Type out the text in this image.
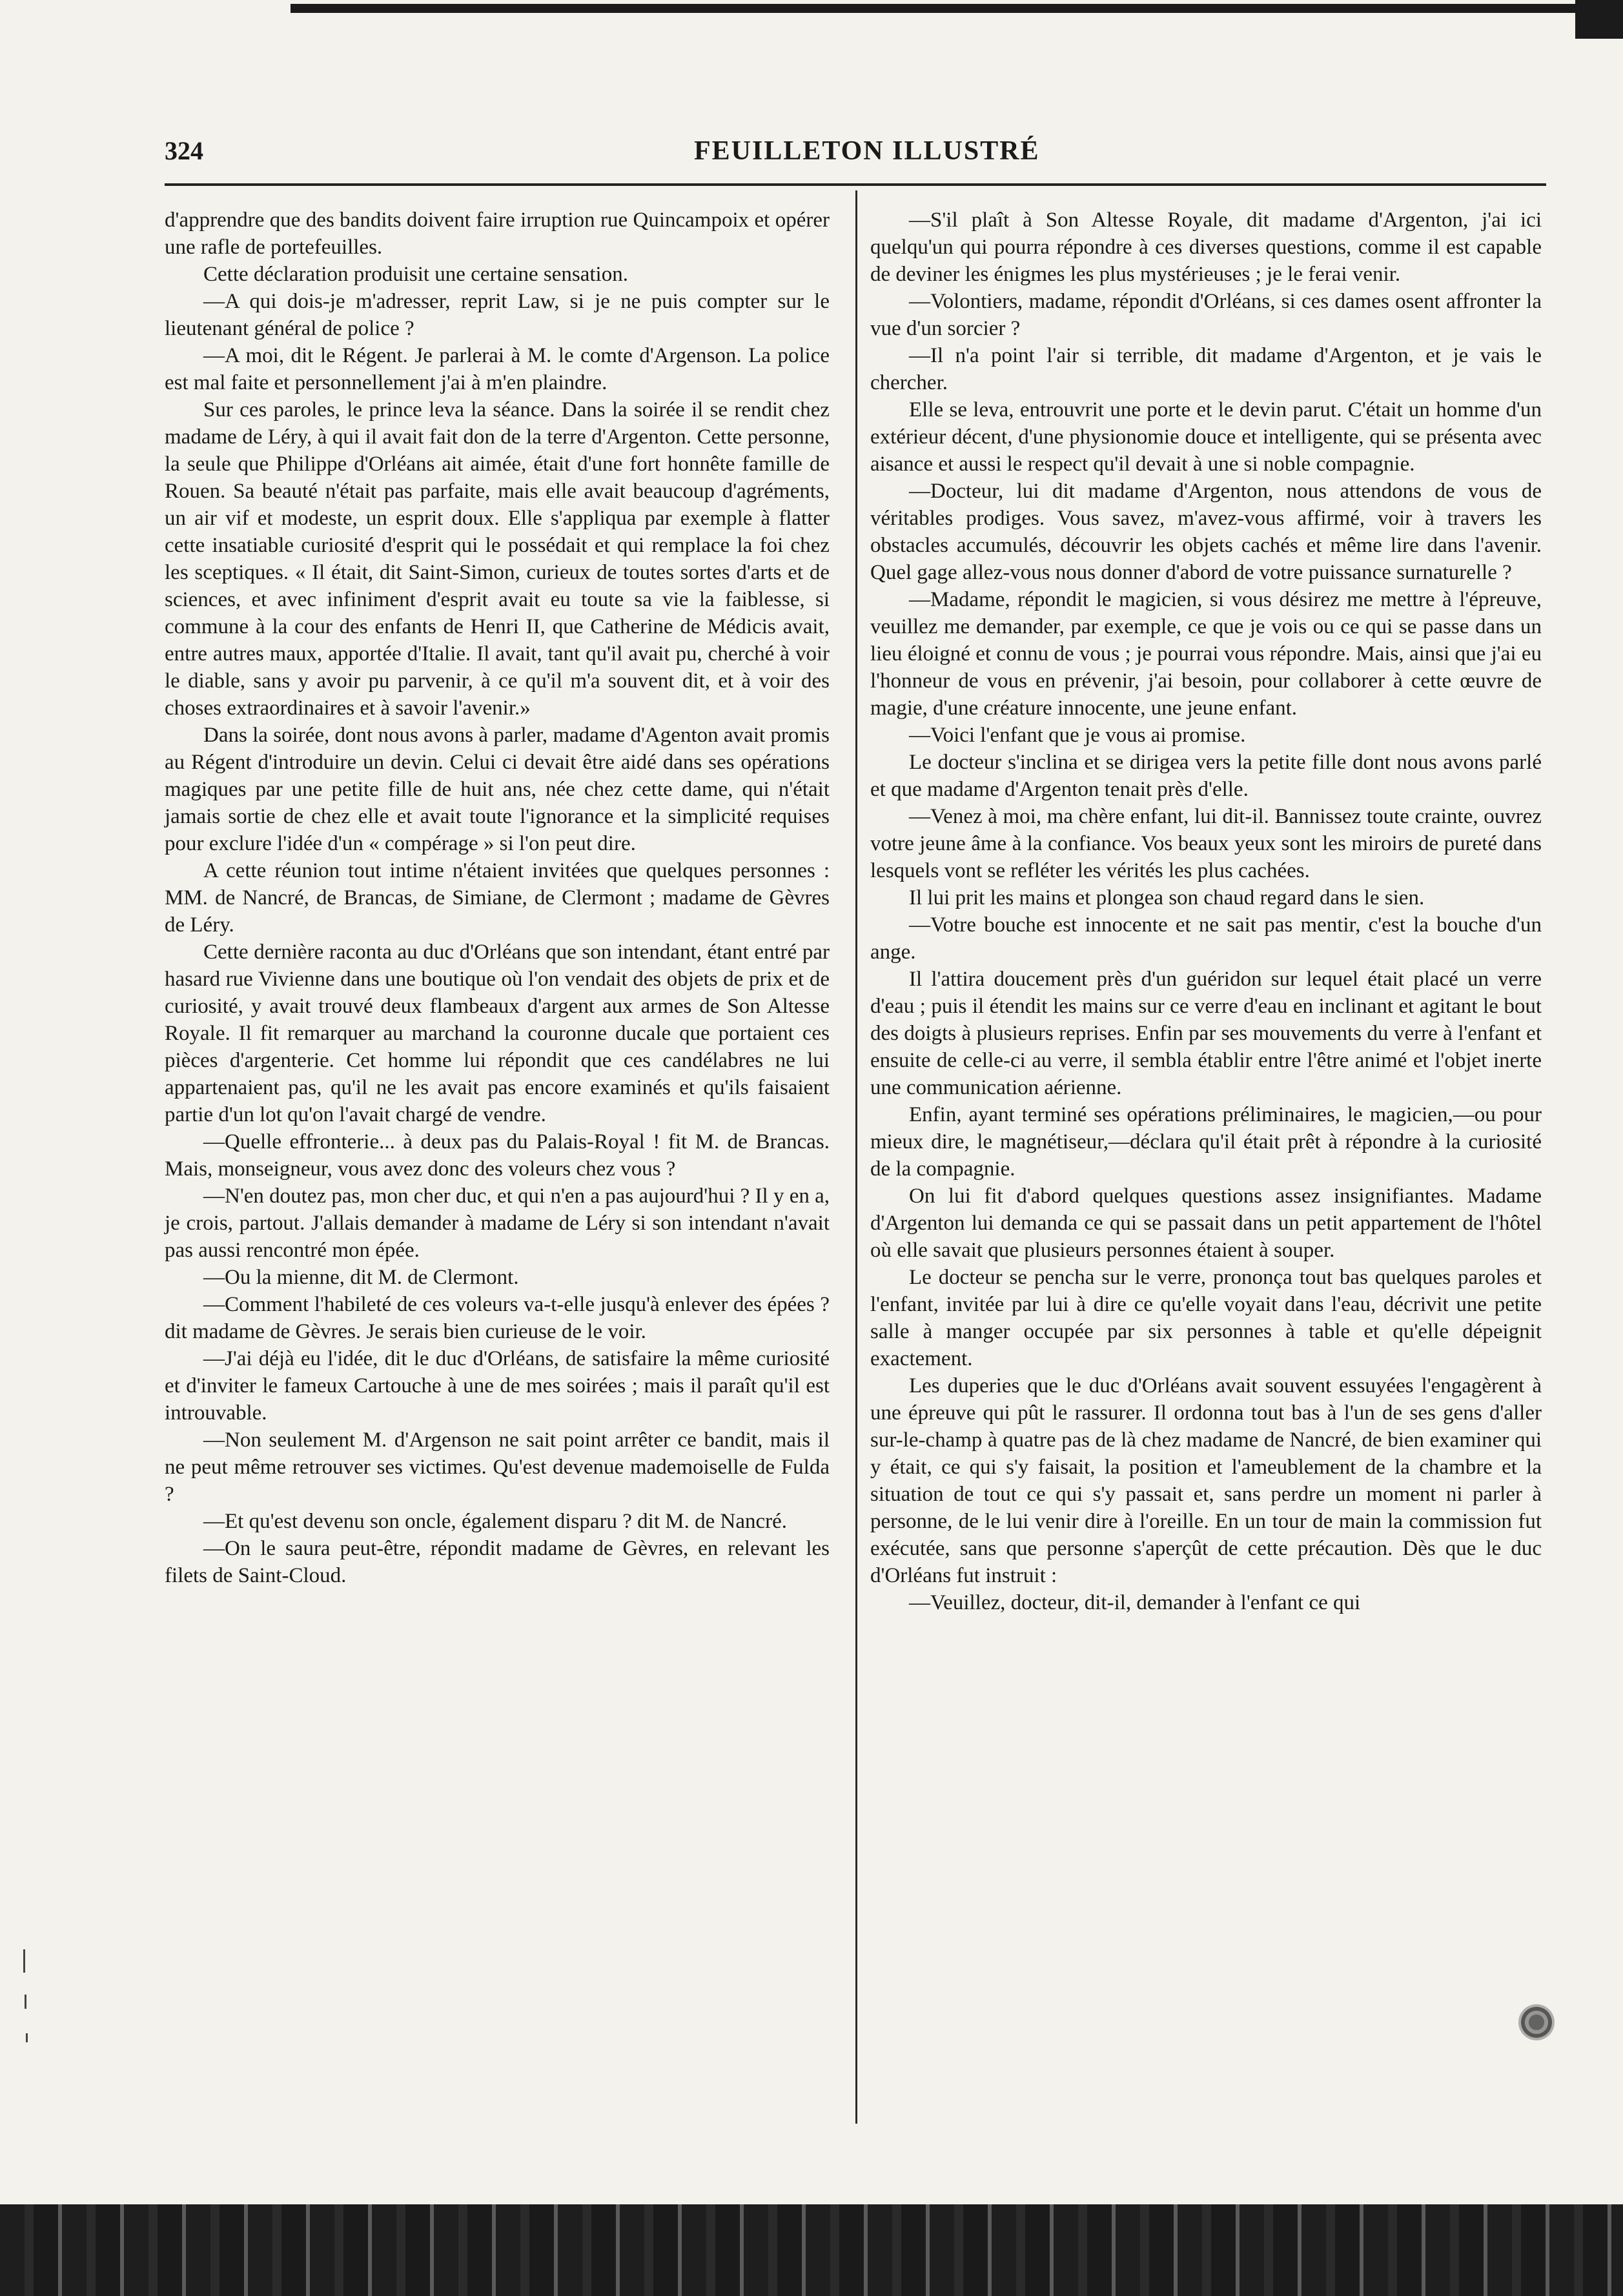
324	FEUILLETON ILLUSTRÉ

d'apprendre que des bandits doivent faire irruption rue Quincampoix et opérer une rafle de portefeuilles.

Cette déclaration produisit une certaine sensation.

—A qui dois-je m'adresser, reprit Law, si je ne puis compter sur le lieutenant général de police ?

—A moi, dit le Régent. Je parlerai à M. le comte d'Argenson. La police est mal faite et personnellement j'ai à m'en plaindre.

Sur ces paroles, le prince leva la séance. Dans la soirée il se rendit chez madame de Léry, à qui il avait fait don de la terre d'Argenton. Cette personne, la seule que Philippe d'Orléans ait aimée, était d'une fort honnête famille de Rouen. Sa beauté n'était pas parfaite, mais elle avait beaucoup d'agréments, un air vif et modeste, un esprit doux. Elle s'appliqua par exemple à flatter cette insatiable curiosité d'esprit qui le possédait et qui remplace la foi chez les sceptiques. « Il était, dit Saint-Simon, curieux de toutes sortes d'arts et de sciences, et avec infiniment d'esprit avait eu toute sa vie la faiblesse, si commune à la cour des enfants de Henri II, que Catherine de Médicis avait, entre autres maux, apportée d'Italie. Il avait, tant qu'il avait pu, cherché à voir le diable, sans y avoir pu parvenir, à ce qu'il m'a souvent dit, et à voir des choses extraordinaires et à savoir l'avenir.»

Dans la soirée, dont nous avons à parler, madame d'Agenton avait promis au Régent d'introduire un devin. Celui ci devait être aidé dans ses opérations magiques par une petite fille de huit ans, née chez cette dame, qui n'était jamais sortie de chez elle et avait toute l'ignorance et la simplicité requises pour exclure l'idée d'un « compérage » si l'on peut dire.

A cette réunion tout intime n'étaient invitées que quelques personnes : MM. de Nancré, de Brancas, de Simiane, de Clermont ; madame de Gèvres de Léry.

Cette dernière raconta au duc d'Orléans que son intendant, étant entré par hasard rue Vivienne dans une boutique où l'on vendait des objets de prix et de curiosité, y avait trouvé deux flambeaux d'argent aux armes de Son Altesse Royale. Il fit remarquer au marchand la couronne ducale que portaient ces pièces d'argenterie. Cet homme lui répondit que ces candélabres ne lui appartenaient pas, qu'il ne les avait pas encore examinés et qu'ils faisaient partie d'un lot qu'on l'avait chargé de vendre.

—Quelle effronterie... à deux pas du Palais-Royal ! fit M. de Brancas. Mais, monseigneur, vous avez donc des voleurs chez vous ?

—N'en doutez pas, mon cher duc, et qui n'en a pas aujourd'hui ? Il y en a, je crois, partout. J'allais demander à madame de Léry si son intendant n'avait pas aussi rencontré mon épée.

—Ou la mienne, dit M. de Clermont.

—Comment l'habileté de ces voleurs va-t-elle jusqu'à enlever des épées ? dit madame de Gèvres. Je serais bien curieuse de le voir.

—J'ai déjà eu l'idée, dit le duc d'Orléans, de satisfaire la même curiosité et d'inviter le fameux Cartouche à une de mes soirées ; mais il paraît qu'il est introuvable.

—Non seulement M. d'Argenson ne sait point arrêter ce bandit, mais il ne peut même retrouver ses victimes. Qu'est devenue mademoiselle de Fulda ?

—Et qu'est devenu son oncle, également disparu ? dit M. de Nancré.

—On le saura peut-être, répondit madame de Gèvres, en relevant les filets de Saint-Cloud.

—S'il plaît à Son Altesse Royale, dit madame d'Argenton, j'ai ici quelqu'un qui pourra répondre à ces diverses questions, comme il est capable de deviner les énigmes les plus mystérieuses ; je le ferai venir.

—Volontiers, madame, répondit d'Orléans, si ces dames osent affronter la vue d'un sorcier ?

—Il n'a point l'air si terrible, dit madame d'Argenton, et je vais le chercher.

Elle se leva, entrouvrit une porte et le devin parut. C'était un homme d'un extérieur décent, d'une physionomie douce et intelligente, qui se présenta avec aisance et aussi le respect qu'il devait à une si noble compagnie.

—Docteur, lui dit madame d'Argenton, nous attendons de vous de véritables prodiges. Vous savez, m'avez-vous affirmé, voir à travers les obstacles accumulés, découvrir les objets cachés et même lire dans l'avenir. Quel gage allez-vous nous donner d'abord de votre puissance surnaturelle ?

—Madame, répondit le magicien, si vous désirez me mettre à l'épreuve, veuillez me demander, par exemple, ce que je vois ou ce qui se passe dans un lieu éloigné et connu de vous ; je pourrai vous répondre. Mais, ainsi que j'ai eu l'honneur de vous en prévenir, j'ai besoin, pour collaborer à cette œuvre de magie, d'une créature innocente, une jeune enfant.

—Voici l'enfant que je vous ai promise.

Le docteur s'inclina et se dirigea vers la petite fille dont nous avons parlé et que madame d'Argenton tenait près d'elle.

—Venez à moi, ma chère enfant, lui dit-il. Bannissez toute crainte, ouvrez votre jeune âme à la confiance. Vos beaux yeux sont les miroirs de pureté dans lesquels vont se refléter les vérités les plus cachées.

Il lui prit les mains et plongea son chaud regard dans le sien.

—Votre bouche est innocente et ne sait pas mentir, c'est la bouche d'un ange.

Il l'attira doucement près d'un guéridon sur lequel était placé un verre d'eau ; puis il étendit les mains sur ce verre d'eau en inclinant et agitant le bout des doigts à plusieurs reprises. Enfin par ses mouvements du verre à l'enfant et ensuite de celle-ci au verre, il sembla établir entre l'être animé et l'objet inerte une communication aérienne.

Enfin, ayant terminé ses opérations préliminaires, le magicien,—ou pour mieux dire, le magnétiseur,—déclara qu'il était prêt à répondre à la curiosité de la compagnie.

On lui fit d'abord quelques questions assez insignifiantes. Madame d'Argenton lui demanda ce qui se passait dans un petit appartement de l'hôtel où elle savait que plusieurs personnes étaient à souper.

Le docteur se pencha sur le verre, prononça tout bas quelques paroles et l'enfant, invitée par lui à dire ce qu'elle voyait dans l'eau, décrivit une petite salle à manger occupée par six personnes à table et qu'elle dépeignit exactement.

Les duperies que le duc d'Orléans avait souvent essuyées l'engagèrent à une épreuve qui pût le rassurer. Il ordonna tout bas à l'un de ses gens d'aller sur-le-champ à quatre pas de là chez madame de Nancré, de bien examiner qui y était, ce qui s'y faisait, la position et l'ameublement de la chambre et la situation de tout ce qui s'y passait et, sans perdre un moment ni parler à personne, de le lui venir dire à l'oreille. En un tour de main la commission fut exécutée, sans que personne s'aperçût de cette précaution. Dès que le duc d'Orléans fut instruit :

—Veuillez, docteur, dit-il, demander à l'enfant ce qui
